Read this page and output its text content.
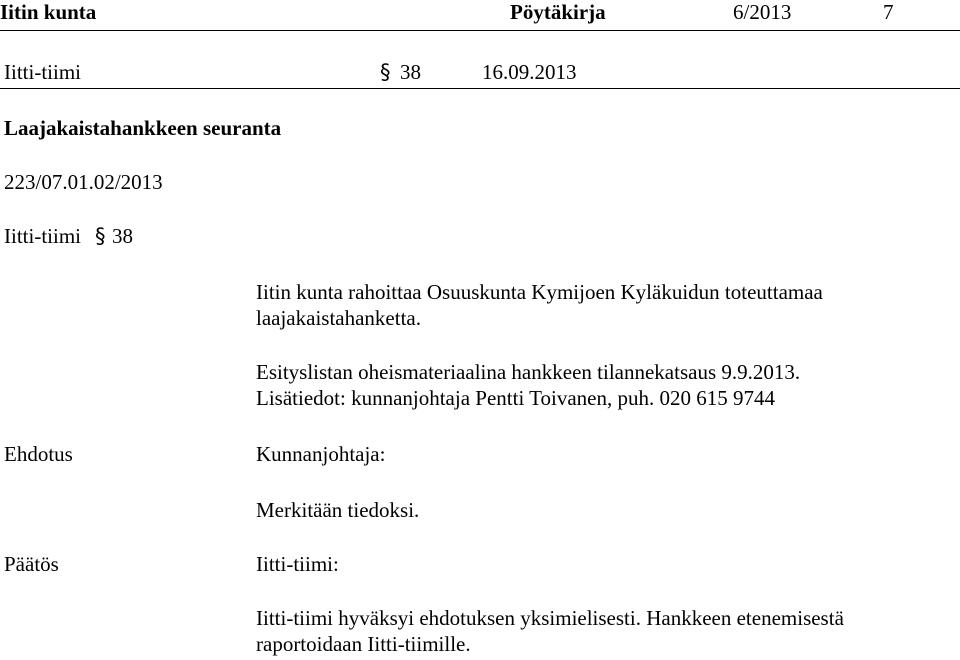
Iitin kunta	Pöytäkirja	6/2013	7
Iitti-tiimi	§ 38	16.09.2013
Laajakaistahankkeen seuranta
223/07.01.02/2013
Iitti-tiimi § 38
Iitin kunta rahoittaa Osuuskunta Kymijoen Kyläkuidun toteuttamaa
laajakaistahanketta.
Esityslistan oheismateriaalina hankkeen tilannekatsaus 9.9.2013.
Lisätiedot: kunnanjohtaja Pentti Toivanen, puh. 020 615 9744
Ehdotus	Kunnanjohtaja:
Merkitään tiedoksi.
Päätös	Iitti-tiimi:
Iitti-tiimi hyväksyi ehdotuksen yksimielisesti. Hankkeen etenemisestä
raportoidaan Iitti-tiimille.
